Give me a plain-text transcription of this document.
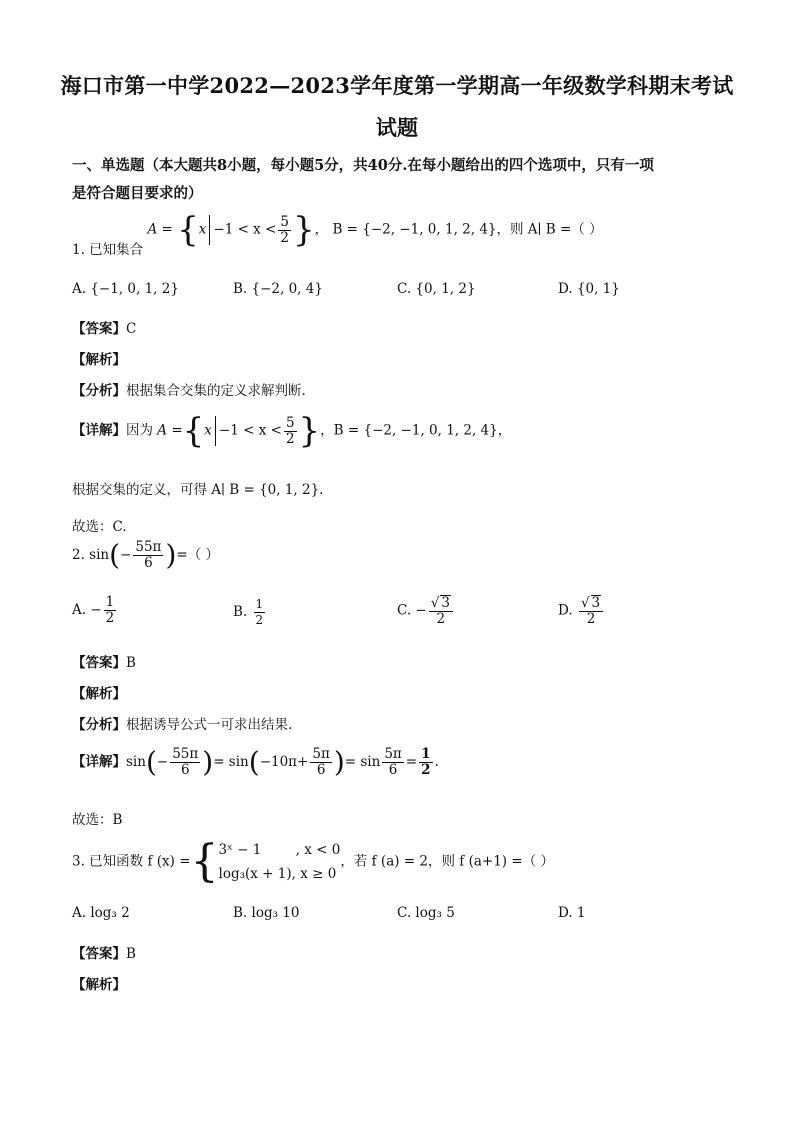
海口市第一中学2022—2023学年度第一学期高一年级数学科期末考试
试题
一、单选题（本大题共8小题，每小题5分，共40分.在每小题给出的四个选项中，只有一项
是符合题目要求的）
1. 已知集合 $A = \{x -1 < x < \frac{5}{2}$ }， B = {−2, −1, 0, 1, 2, 4}，则 A∣ B =（ ）
A. {−1, 0, 1, 2}	B. {−2, 0, 4}	C. {0, 1, 2}	D. {0, 1}
【答案】C
【解析】
【分析】根据集合交集的定义求解判断.
【详解】因为 $A =\{x -1 < x < \frac{5}{2}$ }，B = {−2, −1, 0, 1, 2, 4}，
根据交集的定义，可得 A∣ B = {0, 1, 2}.
故选：C.
2. $\sin(- \frac{55\pi}{6}$ )=（ ）
A. − $\frac{1}{2}$	B. $\frac{1}{2}$	C. − $\frac{√ 3}{2}$	D. $\frac{√ 3}{2}$
【答案】B
【解析】
【分析】根据诱导公式一可求出结果.
【详解】$\sin(- \frac{55\pi}{6}$ )= $\sin(-10\pi+ \frac{5\pi}{6}$ )= $\sin \frac{5\pi}{6} = \frac{1}{2}$ .
故选：B
3. 已知函数 f (x) ={ 3ˣ − 1	, x < 0
log₃(x + 1), x ≥ 0
，若 f (a) = 2，则 f (a+1) =（ ）
A. log₃ 2	B. log₃ 10	C. log₃ 5	D. 1
【答案】B
【解析】
